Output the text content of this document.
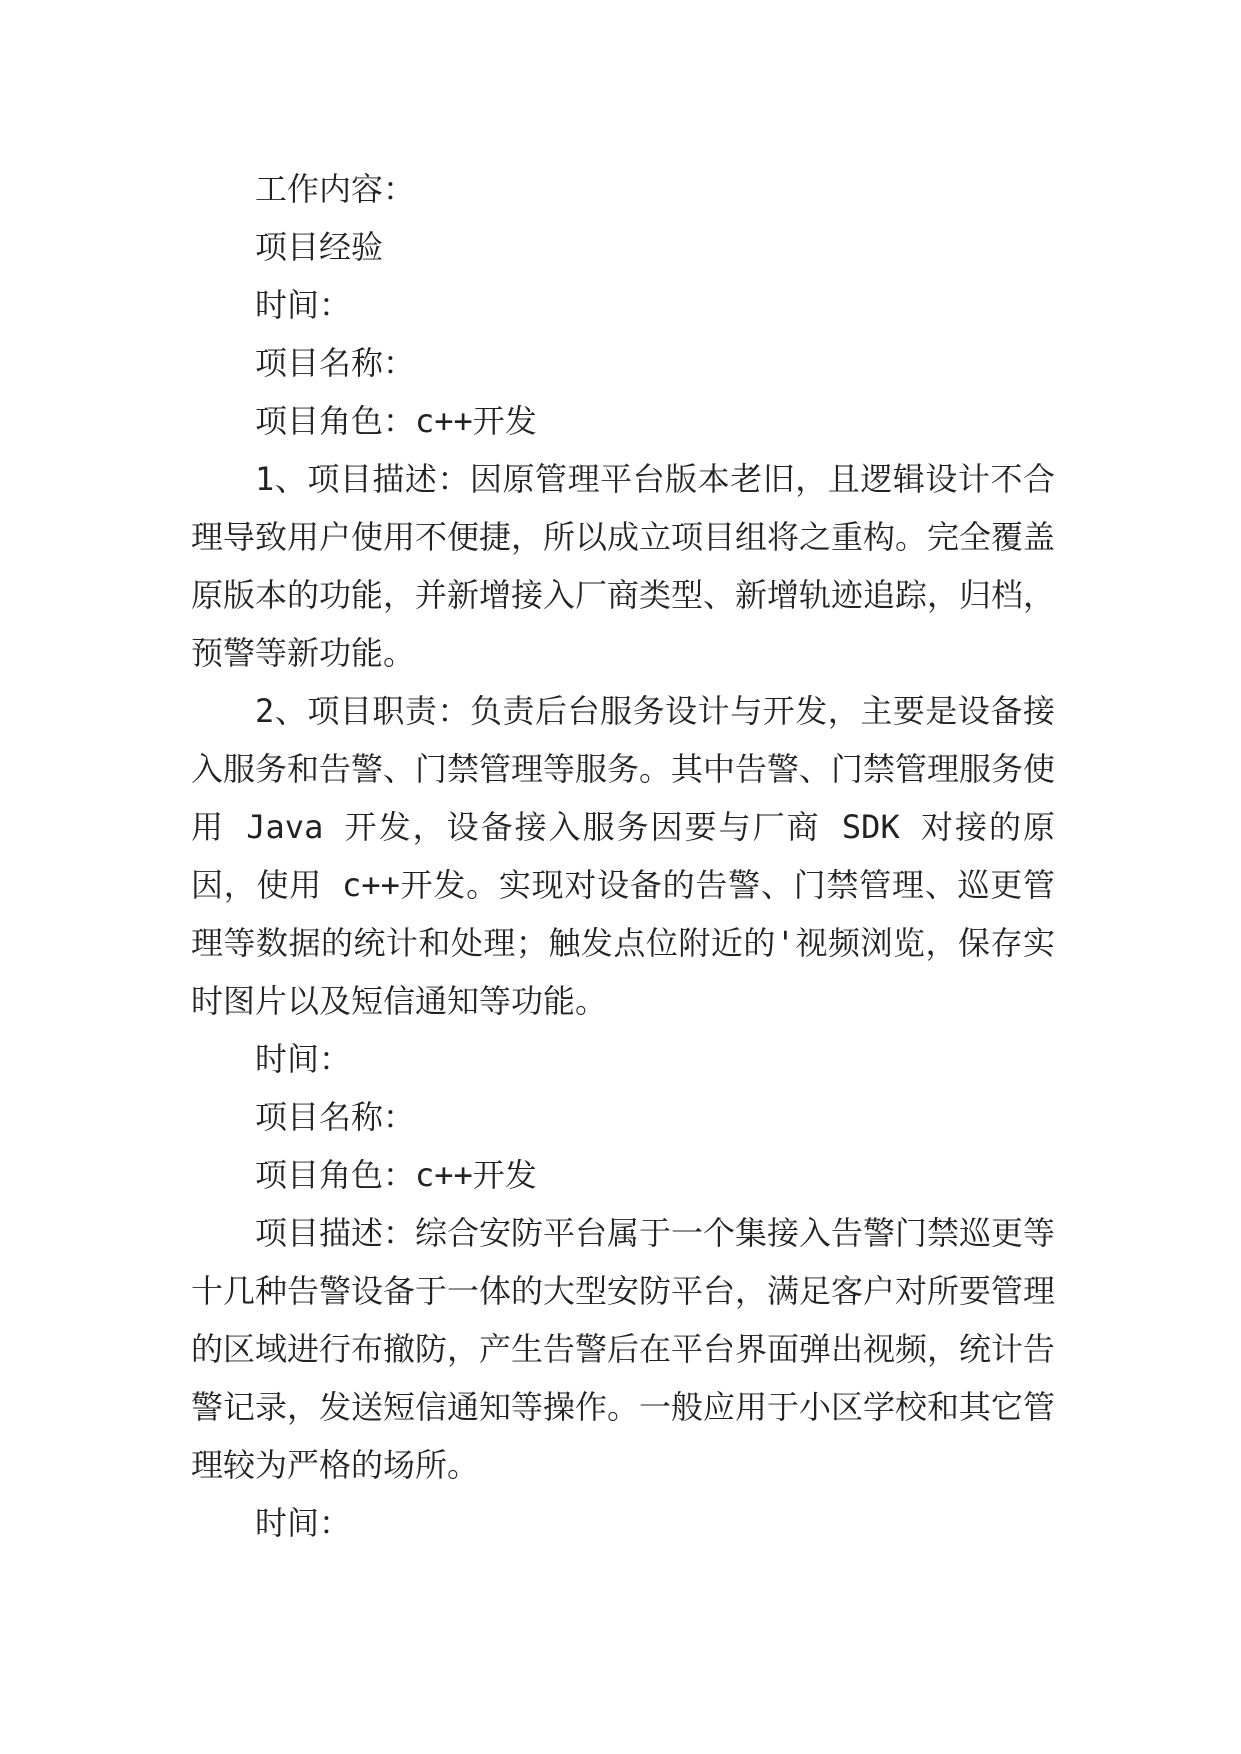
工作内容：

项目经验

时间：

项目名称：

项目角色：c++开发

1、项目描述：因原管理平台版本老旧，且逻辑设计不合理导致用户使用不便捷，所以成立项目组将之重构。完全覆盖原版本的功能，并新增接入厂商类型、新增轨迹追踪，归档，预警等新功能。

2、项目职责：负责后台服务设计与开发，主要是设备接入服务和告警、门禁管理等服务。其中告警、门禁管理服务使用 Java 开发，设备接入服务因要与厂商 SDK 对接的原因，使用 c++开发。实现对设备的告警、门禁管理、巡更管理等数据的统计和处理；触发点位附近的'视频浏览，保存实时图片以及短信通知等功能。

时间：

项目名称：

项目角色：c++开发

项目描述：综合安防平台属于一个集接入告警门禁巡更等十几种告警设备于一体的大型安防平台，满足客户对所要管理的区域进行布撤防，产生告警后在平台界面弹出视频，统计告警记录，发送短信通知等操作。一般应用于小区学校和其它管理较为严格的场所。

时间：
